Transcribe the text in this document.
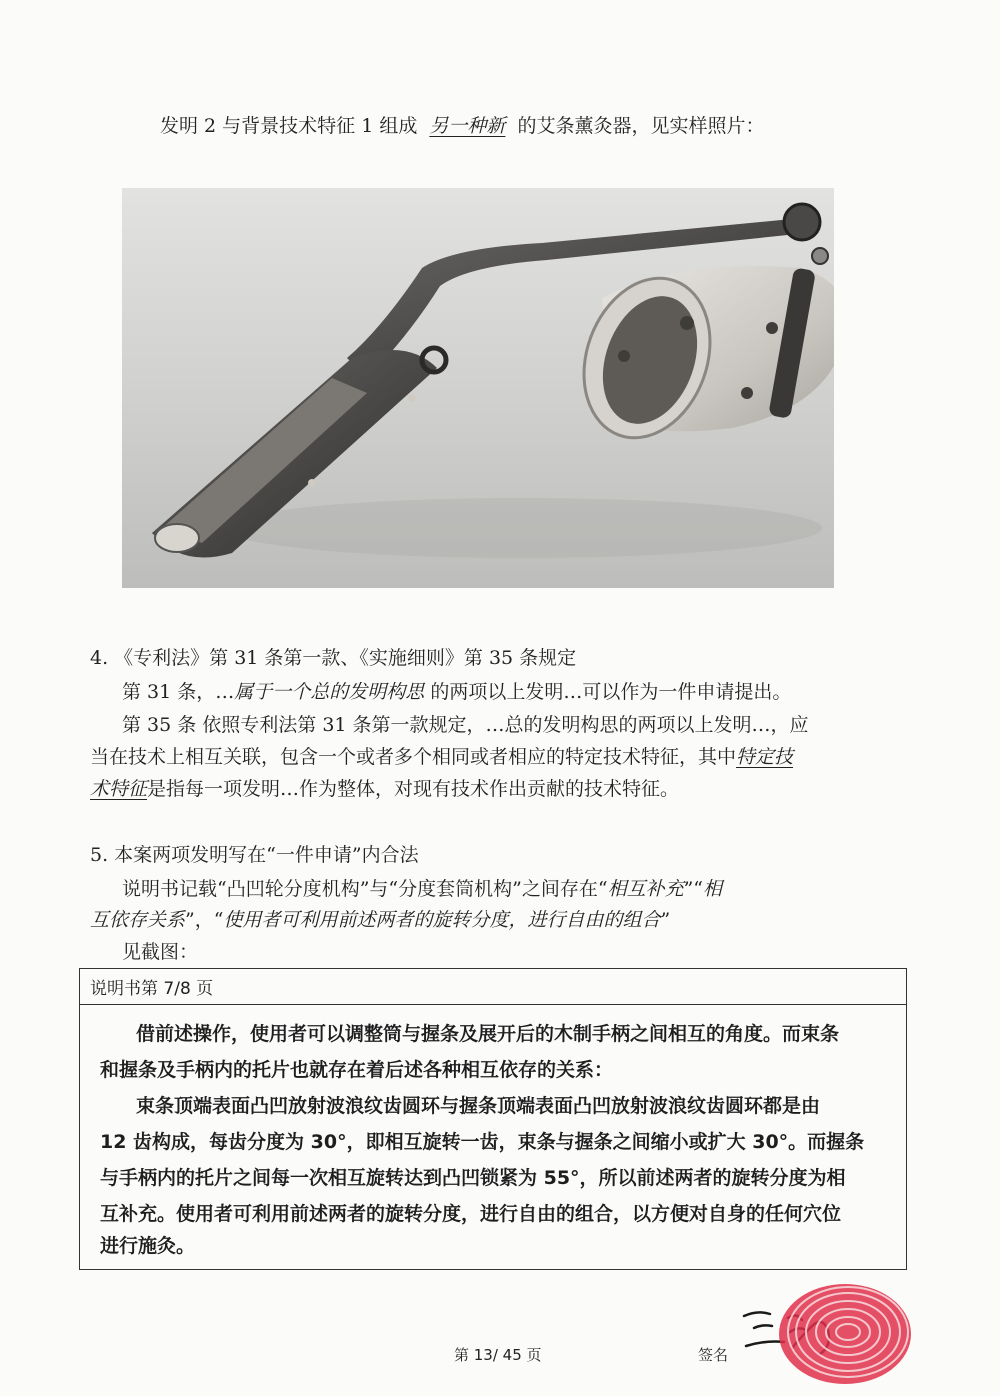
发明 2 与背景技术特征 1 组成 另一种新 的艾条薰灸器，见实样照片：
4. 《专利法》第 31 条第一款、《实施细则》第 35 条规定
第 31 条，…属于一个总的发明构思 的两项以上发明…可以作为一件申请提出。
第 35 条 依照专利法第 31 条第一款规定，…总的发明构思的两项以上发明…，应
当在技术上相互关联，包含一个或者多个相同或者相应的特定技术特征，其中特定技
术特征是指每一项发明…作为整体，对现有技术作出贡献的技术特征。
5. 本案两项发明写在“一件申请”内合法
说明书记载“凸凹轮分度机构”与“分度套筒机构”之间存在“相互补充”“相
互依存关系”，“使用者可利用前述两者的旋转分度，进行自由的组合”
见截图：
说明书第 7/8 页
借前述操作，使用者可以调整筒与握条及展开后的木制手柄之间相互的角度。而束条
和握条及手柄内的托片也就存在着后述各种相互依存的关系：
束条顶端表面凸凹放射波浪纹齿圆环与握条顶端表面凸凹放射波浪纹齿圆环都是由
12 齿构成，每齿分度为 30°，即相互旋转一齿，束条与握条之间缩小或扩大 30°。而握条
与手柄内的托片之间每一次相互旋转达到凸凹锁紧为 55°，所以前述两者的旋转分度为相
互补充。使用者可利用前述两者的旋转分度，进行自由的组合，以方便对自身的任何穴位
进行施灸。
第 13/ 45 页	签名
